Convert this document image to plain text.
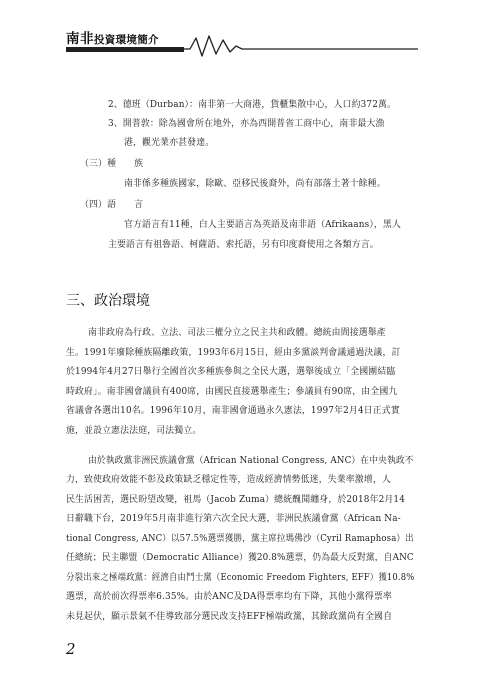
南非投資環境簡介
2、德班（Durban）：南非第一大商港，貨櫃集散中心，人口約372萬。
3、開普敦：除為國會所在地外，亦為西開普省工商中心，南非最大漁
港，觀光業亦甚發達。
（三）種　　族
南非係多種族國家，除歐、亞移民後裔外，尚有部落土著十餘種。
（四）語　　言
官方語言有11種，白人主要語言為英語及南非語（Afrikaans），黑人
主要語言有祖魯語、柯薩語、索托語，另有印度裔使用之各類方言。
三、政治環境
南非政府為行政、立法、司法三權分立之民主共和政體。總統由間接選舉產
生。1991年廢除種族隔離政策，1993年6月15日，經由多黨談判會議通過決議，訂
於1994年4月27日舉行全國首次多種族參與之全民大選，選舉後成立「全國團結臨
時政府」。南非國會議員有400席，由國民直接選舉產生；參議員有90席，由全國九
省議會各選出10名。1996年10月，南非國會通過永久憲法，1997年2月4日正式實
施，並設立憲法法庭，司法獨立。
由於執政黨非洲民族議會黨（African National Congress, ANC）在中央執政不
力，致使政府效能不彰及政策缺乏穩定性等，造成經濟情勢低迷，失業率激增，人
民生活困苦，選民盼望改變，祖馬（Jacob Zuma）總統醜聞纏身，於2018年2月14
日辭職下台，2019年5月南非進行第六次全民大選，非洲民族議會黨（African Na-
tional Congress, ANC）以57.5%選票獲勝，黨主席拉瑪佛沙（Cyril Ramaphosa）出
任總統；民主聯盟（Democratic Alliance）獲20.8%選票，仍為最大反對黨，自ANC
分裂出來之極端政黨：經濟自由鬥士黨（Economic Freedom Fighters, EFF）獲10.8%
選票，高於前次得票率6.35%。由於ANC及DA得票率均有下降，其他小黨得票率
未見起伏，顯示景氣不佳導致部分選民改支持EFF極端政黨，其餘政黨尚有全國自
2
